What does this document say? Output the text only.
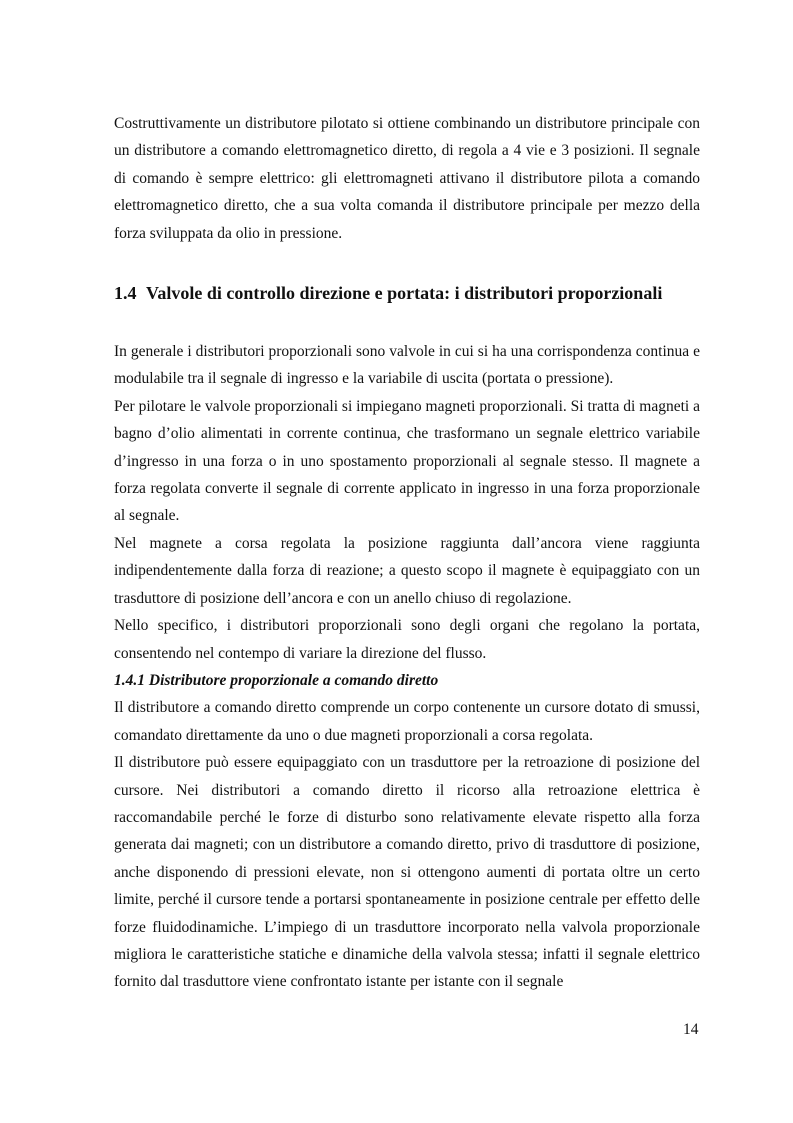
Costruttivamente un distributore pilotato si ottiene combinando un distributore principale con un distributore a comando elettromagnetico diretto, di regola a 4 vie e 3 posizioni. Il segnale di comando è sempre elettrico: gli elettromagneti attivano il distributore pilota a comando elettromagnetico diretto, che a sua volta comanda il distributore principale per mezzo della forza sviluppata da olio in pressione.

1.4 Valvole di controllo direzione e portata: i distributori proporzionali

In generale i distributori proporzionali sono valvole in cui si ha una corrispondenza continua e modulabile tra il segnale di ingresso e la variabile di uscita (portata o pressione).

Per pilotare le valvole proporzionali si impiegano magneti proporzionali. Si tratta di magneti a bagno d’olio alimentati in corrente continua, che trasformano un segnale elettrico variabile d’ingresso in una forza o in uno spostamento proporzionali al segnale stesso. Il magnete a forza regolata converte il segnale di corrente applicato in ingresso in una forza proporzionale al segnale.

Nel magnete a corsa regolata la posizione raggiunta dall’ancora viene raggiunta indipendentemente dalla forza di reazione; a questo scopo il magnete è equipaggiato con un trasduttore di posizione dell’ancora e con un anello chiuso di regolazione.

Nello specifico, i distributori proporzionali sono degli organi che regolano la portata, consentendo nel contempo di variare la direzione del flusso.

1.4.1 Distributore proporzionale a comando diretto

Il distributore a comando diretto comprende un corpo contenente un cursore dotato di smussi, comandato direttamente da uno o due magneti proporzionali a corsa regolata.

Il distributore può essere equipaggiato con un trasduttore per la retroazione di posizione del cursore. Nei distributori a comando diretto il ricorso alla retroazione elettrica è raccomandabile perché le forze di disturbo sono relativamente elevate rispetto alla forza generata dai magneti; con un distributore a comando diretto, privo di trasduttore di posizione, anche disponendo di pressioni elevate, non si ottengono aumenti di portata oltre un certo limite, perché il cursore tende a portarsi spontaneamente in posizione centrale per effetto delle forze fluidodinamiche. L’impiego di un trasduttore incorporato nella valvola proporzionale migliora le caratteristiche statiche e dinamiche della valvola stessa; infatti il segnale elettrico fornito dal trasduttore viene confrontato istante per istante con il segnale

14
